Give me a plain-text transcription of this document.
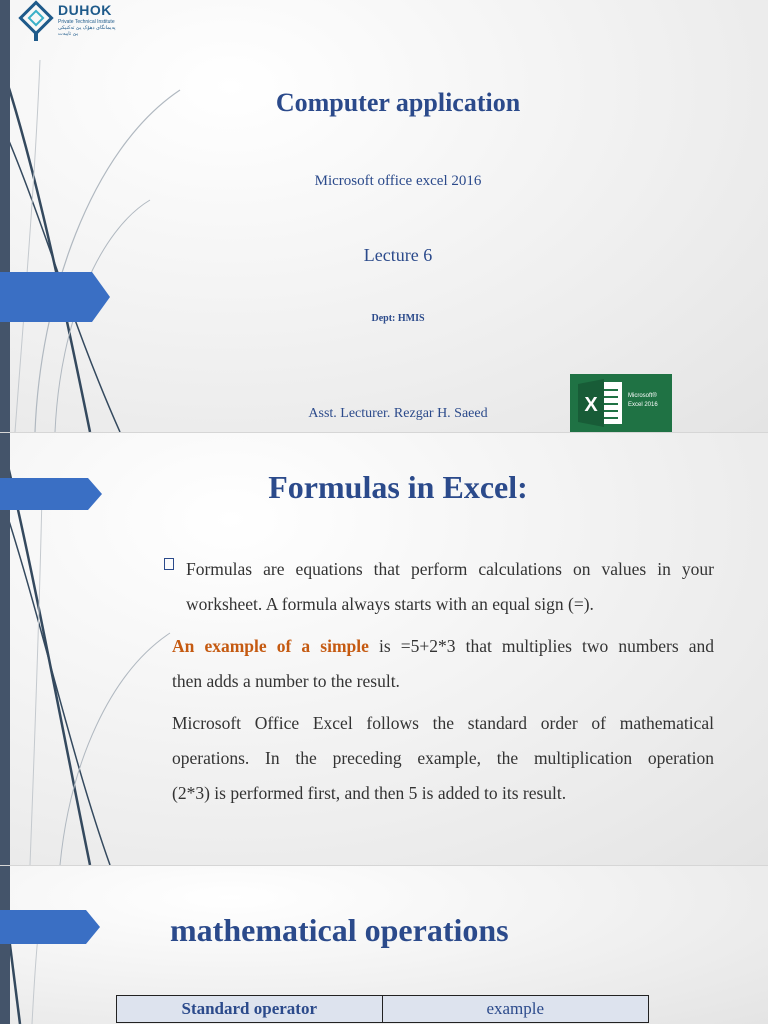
DUHOK
Private Technical Institute
پەیمانگای دهۆک یێ تەکنیکی یێ تایبەت
Computer application
Microsoft office excel 2016
Lecture 6
Dept: HMIS
Asst. Lecturer. Rezgar H. Saeed	X	Microsoft®
Excel 2016
Formulas in Excel:
Formulas are equations that perform calculations on values in your
worksheet. A formula always starts with an equal sign (=).
An example of a simple is =5+2*3 that multiplies two numbers and
then adds a number to the result.
Microsoft Office Excel follows the standard order of mathematical
operations. In the preceding example, the multiplication operation
(2*3) is performed first, and then 5 is added to its result.
mathematical operations
Standard operator	example
